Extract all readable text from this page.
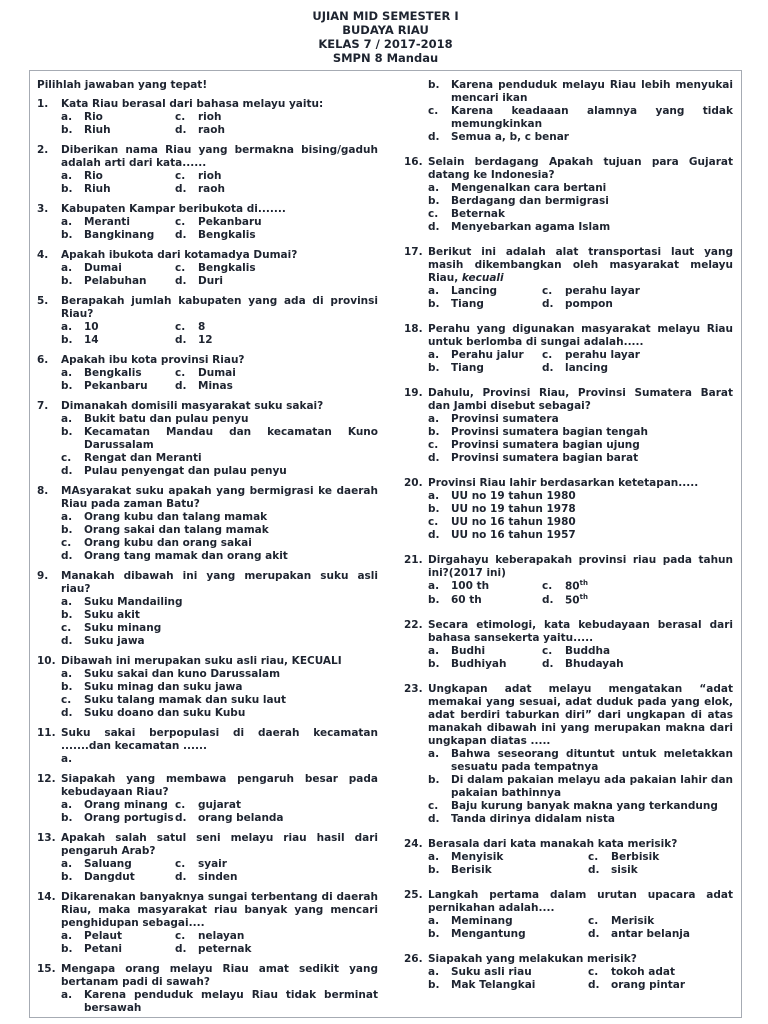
UJIAN MID SEMESTER I
BUDAYA RIAU
KELAS 7 / 2017-2018
SMPN 8 Mandau
Pilihlah jawaban yang tepat!
1.	Kata Riau berasal dari bahasa melayu yaitu:
a.	Rio	c.	rioh
b.	Riuh	d.	raoh
2.	Diberikan nama Riau yang bermakna bising/gaduh adalah arti dari kata......
a.	Rio	c.	rioh
b.	Riuh	d.	raoh
3.	Kabupaten Kampar beribukota di.......
a.	Meranti	c.	Pekanbaru
b.	Bangkinang	d.	Bengkalis
4.	Apakah ibukota dari kotamadya Dumai?
a.	Dumai	c.	Bengkalis
b.	Pelabuhan	d.	Duri
5.	Berapakah jumlah kabupaten yang ada di provinsi Riau?
a.	10	c.	8
b.	14	d.	12
6.	Apakah ibu kota provinsi Riau?
a.	Bengkalis	c.	Dumai
b.	Pekanbaru	d.	Minas
7.	Dimanakah domisili masyarakat suku sakai?
a.	Bukit batu dan pulau penyu
b.	Kecamatan Mandau dan kecamatan Kuno Darussalam
c.	Rengat dan Meranti
d.	Pulau penyengat dan pulau penyu
8.	MAsyarakat suku apakah yang bermigrasi ke daerah Riau pada zaman Batu?
a.	Orang kubu dan talang mamak
b.	Orang sakai dan talang mamak
c.	Orang kubu dan orang sakai
d.	Orang tang mamak dan orang akit
9.	Manakah dibawah ini yang merupakan suku asli riau?
a.	Suku Mandailing
b.	Suku akit
c.	Suku minang
d.	Suku jawa
10. Dibawah ini merupakan suku asli riau, KECUALI
a.	Suku sakai dan kuno Darussalam
b.	Suku minag dan suku jawa
c.	Suku talang mamak dan suku laut
d.	Suku doano dan suku Kubu
11. Suku sakai berpopulasi di daerah kecamatan .......dan kecamatan ......
a.
12. Siapakah yang membawa pengaruh besar pada kebudayaan Riau?
a.	Orang minang c.	gujarat
b.	Orang portugis d.	orang belanda
13. Apakah salah satul seni melayu riau hasil dari pengaruh Arab?
a.	Saluang	c.	syair
b.	Dangdut	d.	sinden
14. Dikarenakan banyaknya sungai terbentang di daerah Riau, maka masyarakat riau banyak yang mencari penghidupan sebagai....
a.	Pelaut	c.	nelayan
b.	Petani	d.	peternak
15. Mengapa orang melayu Riau amat sedikit yang bertanam padi di sawah?
a.	Karena penduduk melayu Riau tidak berminat bersawah
b.	Karena penduduk melayu Riau lebih menyukai mencari ikan
c.	Karena keadaaan alamnya yang tidak memungkinkan
d.	Semua a, b, c benar
16. Selain berdagang Apakah tujuan para Gujarat datang ke Indonesia?
a.	Mengenalkan cara bertani
b.	Berdagang dan bermigrasi
c.	Beternak
d.	Menyebarkan agama Islam
17. Berikut ini adalah alat transportasi laut yang masih dikembangkan oleh masyarakat melayu Riau, kecuali
a.	Lancing	c.	perahu layar
b.	Tiang	d.	pompon
18. Perahu yang digunakan masyarakat melayu Riau untuk berlomba di sungai adalah.....
a.	Perahu jalur	c.	perahu layar
b.	Tiang	d.	lancing
19. Dahulu, Provinsi Riau, Provinsi Sumatera Barat dan Jambi disebut sebagai?
a.	Provinsi sumatera
b.	Provinsi sumatera bagian tengah
c.	Provinsi sumatera bagian ujung
d.	Provinsi sumatera bagian barat
20. Provinsi Riau lahir berdasarkan ketetapan.....
a.	UU no 19 tahun 1980
b.	UU no 19 tahun 1978
c.	UU no 16 tahun 1980
d.	UU no 16 tahun 1957
21. Dirgahayu keberapakah provinsi riau pada tahun ini?(2017 ini)
a.	100 th	c.	80th
b.	60 th	d.	50th
22. Secara etimologi, kata kebudayaan berasal dari bahasa sansekerta yaitu.....
a.	Budhi	c.	Buddha
b.	Budhiyah	d.	Bhudayah
23. Ungkapan adat melayu mengatakan “adat memakai yang sesuai, adat duduk pada yang elok, adat berdiri taburkan diri” dari ungkapan di atas manakah dibawah ini yang merupakan makna dari ungkapan diatas .....
a.	Bahwa seseorang dituntut untuk meletakkan sesuatu pada tempatnya
b.	Di dalam pakaian melayu ada pakaian lahir dan pakaian bathinnya
c.	Baju kurung banyak makna yang terkandung
d.	Tanda dirinya didalam nista
24. Berasala dari kata manakah kata merisik?
a.	Menyisik	c.	Berbisik
b.	Berisik	d.	sisik
25. Langkah pertama dalam urutan upacara adat pernikahan adalah....
a.	Meminang	c.	Merisik
b.	Mengantung	d.	antar belanja
26. Siapakah yang melakukan merisik?
a.	Suku asli riau	c.	tokoh adat
b.	Mak Telangkai	d.	orang pintar
